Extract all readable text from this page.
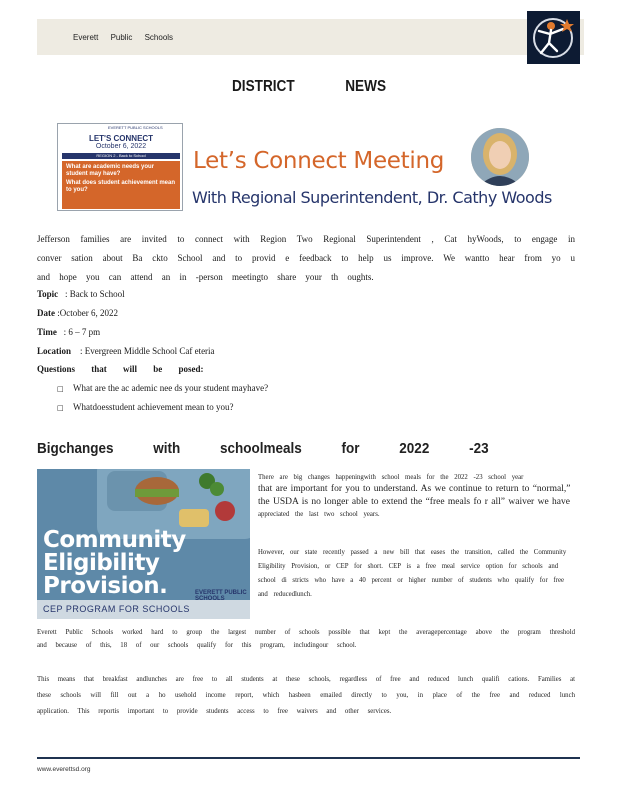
Everett Public Schools
DISTRICT NEWS
EVERETT PUBLIC SCHOOLS
LET'S CONNECT
October 6, 2022
REGION 2 - Back to School
What are academic needs your student may have?
What does student achievement mean to you?
Let’s Connect Meeting
With Regional Superintendent, Dr. Cathy Woods
Jefferson families are invited to connect with Region Two Regional Superintendent , Cat hyWoods, to engage in conver sation about Ba ckto School and to provid e feedback to help us improve. We wantto hear from yo u and hope you can attend an in -person meetingto share your th oughts.
Topic : Back to School
Date :October 6, 2022
Time : 6 – 7 pm
Location : Evergreen Middle School Caf eteria
Questions that will be posed:
□ What are the ac ademic nee ds your student mayhave?
□ Whatdoesstudent achievement mean to you?
Bigchanges with schoolmeals for 2022 -23
Community
Eligibility
Provision.
CEP PROGRAM FOR SCHOOLS
EVERETT PUBLIC SCHOOLS
There are big changes happeningwith school meals for the 2022 -23 school year
that are important for you to understand. As we continue to return to “normal,” the USDA is no longer able to extend the “free meals fo r all” waiver we have
appreciated the last two school years.
However, our state recently passed a new bill that eases the transition, called the Community Eligibility Provision, or CEP for short. CEP is a free meal service option for schools and school di stricts who have a 40 percent or higher number of students who qualify for free and reducedlunch.
Everett Public Schools worked hard to group the largest number of schools possible that kept the averagepercentage above the program threshold and because of this, 18 of our schools qualify for this program, includingour school.
This means that breakfast andlunches are free to all students at these schools, regardless of free and reduced lunch qualifi cations. Families at these schools will fill out a ho usehold income report, which hasbeen emailed directly to you, in place of the free and reduced lunch application. This reportis important to provide students access to free waivers and other services.
www.everettsd.org
